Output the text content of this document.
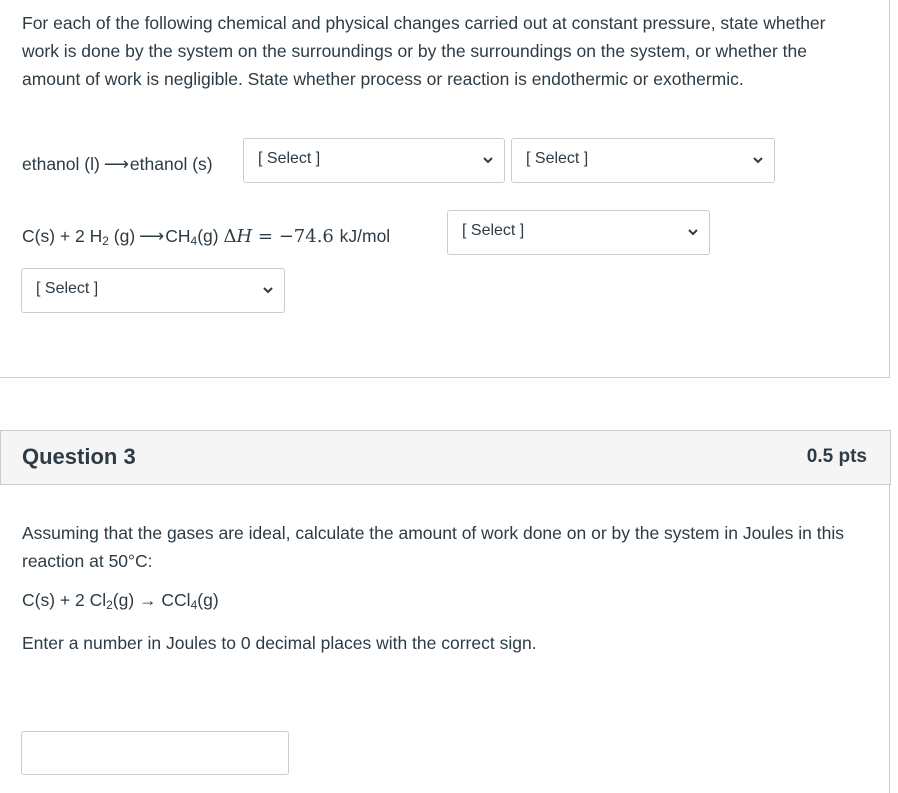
For each of the following chemical and physical changes carried out at constant pressure, state whether work is done by the system on the surroundings or by the surroundings on the system, or whether the amount of work is negligible. State whether process or reaction is endothermic or exothermic.

ethanol (l) ⟶ ethanol (s)	[ Select ]	[ Select ]
C(s) + 2 $H_2$ (g) ⟶ $CH_4(g) \Delta H = -74.6$ kJ/mol	[ Select ]
[ Select ]
Question 3	0.5 pts

Assuming that the gases are ideal, calculate the amount of work done on or by the system in Joules in this reaction at 50°C:

C(s) + 2 $Cl_2(g) \to CCl_4(g)$
Enter a number in Joules to 0 decimal places with the correct sign.
